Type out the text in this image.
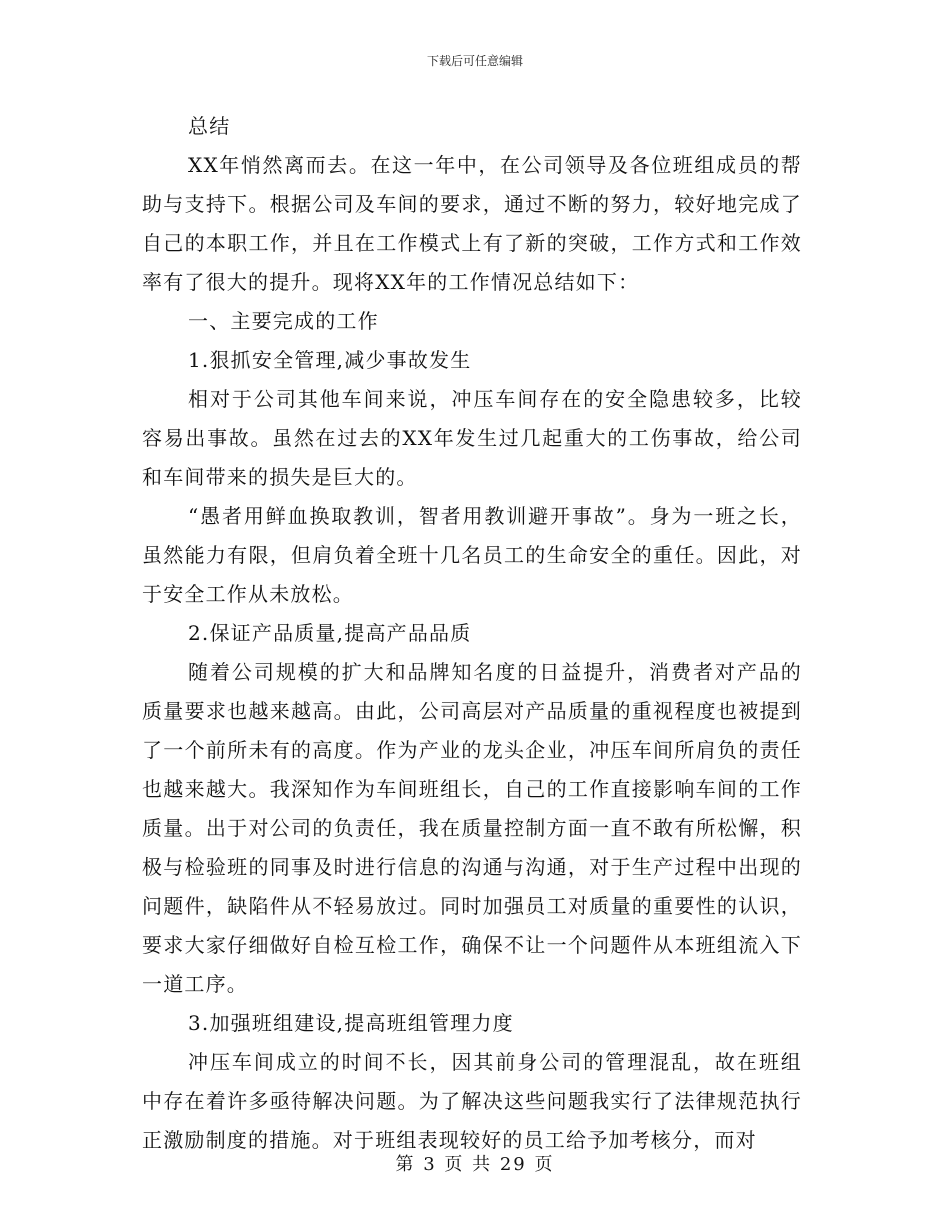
下载后可任意编辑

总结

XX年悄然离而去。在这一年中，在公司领导及各位班组成员的帮助与支持下。根据公司及车间的要求，通过不断的努力，较好地完成了自己的本职工作，并且在工作模式上有了新的突破，工作方式和工作效率有了很大的提升。现将XX年的工作情况总结如下：

一、主要完成的工作

1.狠抓安全管理,减少事故发生

相对于公司其他车间来说，冲压车间存在的安全隐患较多，比较容易出事故。虽然在过去的XX年发生过几起重大的工伤事故，给公司和车间带来的损失是巨大的。

“愚者用鲜血换取教训，智者用教训避开事故”。身为一班之长，虽然能力有限，但肩负着全班十几名员工的生命安全的重任。因此，对于安全工作从未放松。

2.保证产品质量,提高产品品质

随着公司规模的扩大和品牌知名度的日益提升，消费者对产品的质量要求也越来越高。由此，公司高层对产品质量的重视程度也被提到了一个前所未有的高度。作为产业的龙头企业，冲压车间所肩负的责任也越来越大。我深知作为车间班组长，自己的工作直接影响车间的工作质量。出于对公司的负责任，我在质量控制方面一直不敢有所松懈，积极与检验班的同事及时进行信息的沟通与沟通，对于生产过程中出现的问题件，缺陷件从不轻易放过。同时加强员工对质量的重要性的认识，要求大家仔细做好自检互检工作，确保不让一个问题件从本班组流入下一道工序。

3.加强班组建设,提高班组管理力度

冲压车间成立的时间不长，因其前身公司的管理混乱，故在班组中存在着许多亟待解决问题。为了解决这些问题我实行了法律规范执行正激励制度的措施。对于班组表现较好的员工给予加考核分，而对

第 3 页 共 29 页
